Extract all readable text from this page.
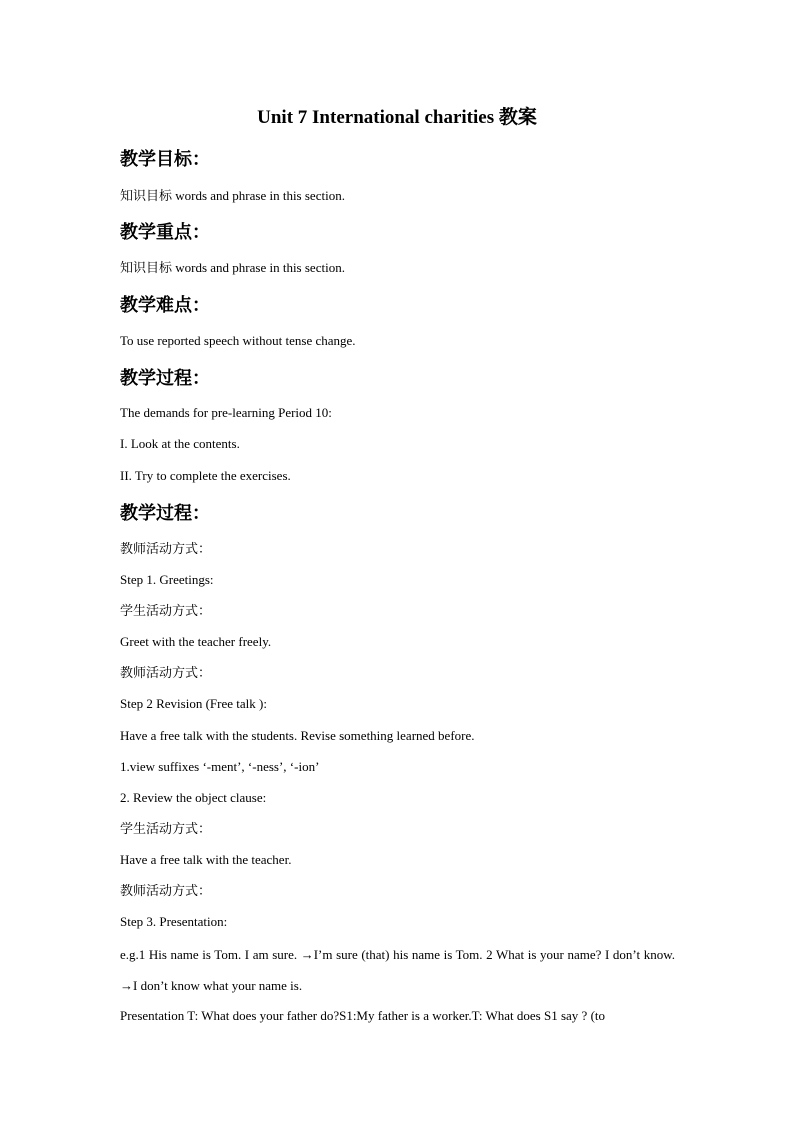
Unit 7 International charities 教案
教学目标：
知识目标 words and phrase in this section.
教学重点：
知识目标 words and phrase in this section.
教学难点：
To use reported speech without tense change.
教学过程：
The demands for pre-learning Period 10:
I. Look at the contents.
II. Try to complete the exercises.
教学过程：
教师活动方式：
Step 1. Greetings:
学生活动方式：
Greet with the teacher freely.
教师活动方式：
Step 2 Revision (Free talk ):
Have a free talk with the students. Revise something learned before.
1.view suffixes ‘-ment’, ‘-ness’, ‘-ion’
2. Review the object clause:
学生活动方式：
Have a free talk with the teacher.
教师活动方式：
Step 3. Presentation:
e.g.1 His name is Tom. I am sure. →I’m sure (that) his name is Tom. 2 What is your name? I don’t know. →I don’t know what your name is.
Presentation T: What does your father do?S1:My father is a worker.T: What does S1 say ? (to
